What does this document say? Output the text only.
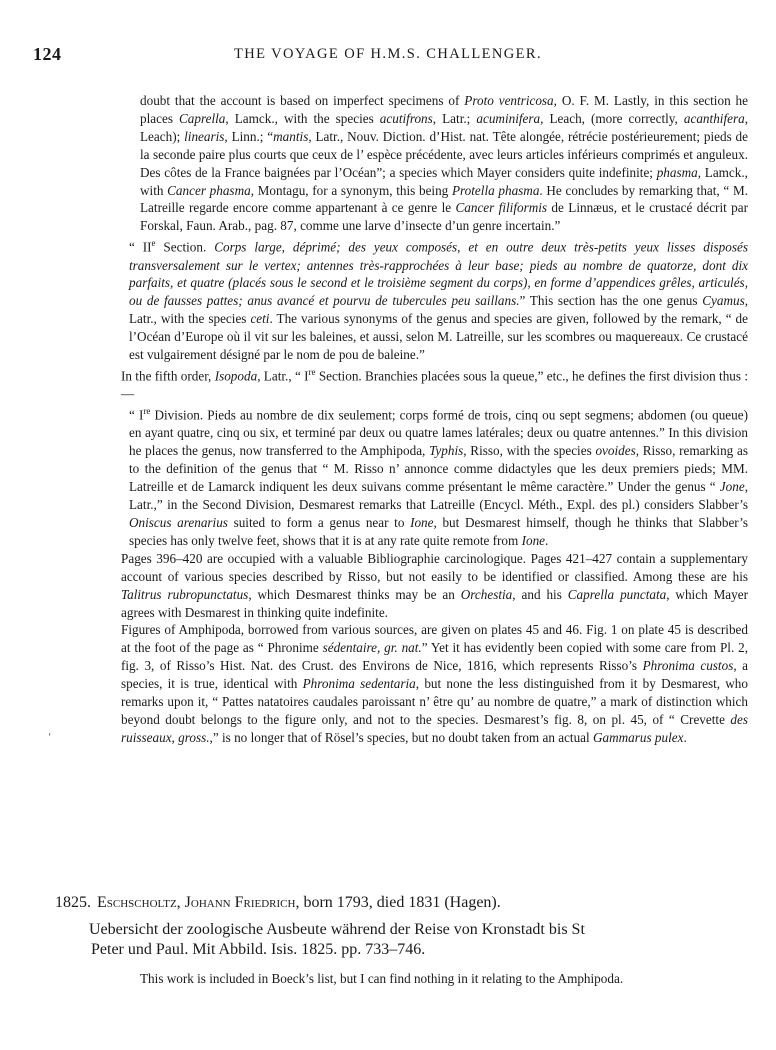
124	THE VOYAGE OF H.M.S. CHALLENGER.
‘

doubt that the account is based on imperfect specimens of Proto ventricosa, O. F. M. Lastly, in this section he places Caprella, Lamck., with the species acutifrons, Latr.; acuminifera, Leach, (more correctly, acanthifera, Leach); linearis, Linn.; “mantis, Latr., Nouv. Diction. d’Hist. nat. Tête alongée, rétrécie postérieurement; pieds de la seconde paire plus courts que ceux de l’ espèce précédente, avec leurs articles inférieurs comprimés et anguleux. Des côtes de la France baignées par l’Océan”; a species which Mayer considers quite indefinite; phasma, Lamck., with Cancer phasma, Montagu, for a synonym, this being Protella phasma. He concludes by remarking that, “ M. Latreille regarde encore comme appartenant à ce genre le Cancer filiformis de Linnæus, et le crustacé décrit par Forskal, Faun. Arab., pag. 87, comme une larve d’insecte d’un genre incertain.”

“ IIe Section. Corps large, déprimé; des yeux composés, et en outre deux très-petits yeux lisses disposés transversalement sur le vertex; antennes très-rapprochées à leur base; pieds au nombre de quatorze, dont dix parfaits, et quatre (placés sous le second et le troisième segment du corps), en forme d’appendices grêles, articulés, ou de fausses pattes; anus avancé et pourvu de tubercules peu saillans.” This section has the one genus Cyamus, Latr., with the species ceti. The various synonyms of the genus and species are given, followed by the remark, “ de l’Océan d’Europe où il vit sur les baleines, et aussi, selon M. Latreille, sur les scombres ou maquereaux. Ce crustacé est vulgairement désigné par le nom de pou de baleine.”

In the fifth order, Isopoda, Latr., “ Ire Section. Branchies placées sous la queue,” etc., he defines the first division thus :—

“ Ire Division. Pieds au nombre de dix seulement; corps formé de trois, cinq ou sept segmens; abdomen (ou queue) en ayant quatre, cinq ou six, et terminé par deux ou quatre lames latérales; deux ou quatre antennes.” In this division he places the genus, now transferred to the Amphipoda, Typhis, Risso, with the species ovoides, Risso, remarking as to the definition of the genus that “ M. Risso n’ annonce comme didactyles que les deux premiers pieds; MM. Latreille et de Lamarck indiquent les deux suivans comme présentant le même caractère.” Under the genus “ Jone, Latr.,” in the Second Division, Desmarest remarks that Latreille (Encycl. Méth., Expl. des pl.) considers Slabber’s Oniscus arenarius suited to form a genus near to Ione, but Desmarest himself, though he thinks that Slabber’s species has only twelve feet, shows that it is at any rate quite remote from Ione.

Pages 396–420 are occupied with a valuable Bibliographie carcinologique. Pages 421–427 contain a supplementary account of various species described by Risso, but not easily to be identified or classified. Among these are his Talitrus rubropunctatus, which Desmarest thinks may be an Orchestia, and his Caprella punctata, which Mayer agrees with Desmarest in thinking quite indefinite.

Figures of Amphipoda, borrowed from various sources, are given on plates 45 and 46. Fig. 1 on plate 45 is described at the foot of the page as “ Phronime sédentaire, gr. nat.” Yet it has evidently been copied with some care from Pl. 2, fig. 3, of Risso’s Hist. Nat. des Crust. des Environs de Nice, 1816, which represents Risso’s Phronima custos, a species, it is true, identical with Phronima sedentaria, but none the less distinguished from it by Desmarest, who remarks upon it, “ Pattes natatoires caudales paroissant n’ être qu’ au nombre de quatre,” a mark of distinction which beyond doubt belongs to the figure only, and not to the species. Desmarest’s fig. 8, on pl. 45, of “ Crevette des ruisseaux, gross.,” is no longer that of Rösel’s species, but no doubt taken from an actual Gammarus pulex.

1825. Eschscholtz, Johann Friedrich, born 1793, died 1831 (Hagen).

Uebersicht der zoologische Ausbeute während der Reise von Kronstadt bis St
Peter und Paul. Mit Abbild. Isis. 1825. pp. 733–746.

This work is included in Boeck’s list, but I can find nothing in it relating to the Amphipoda.
